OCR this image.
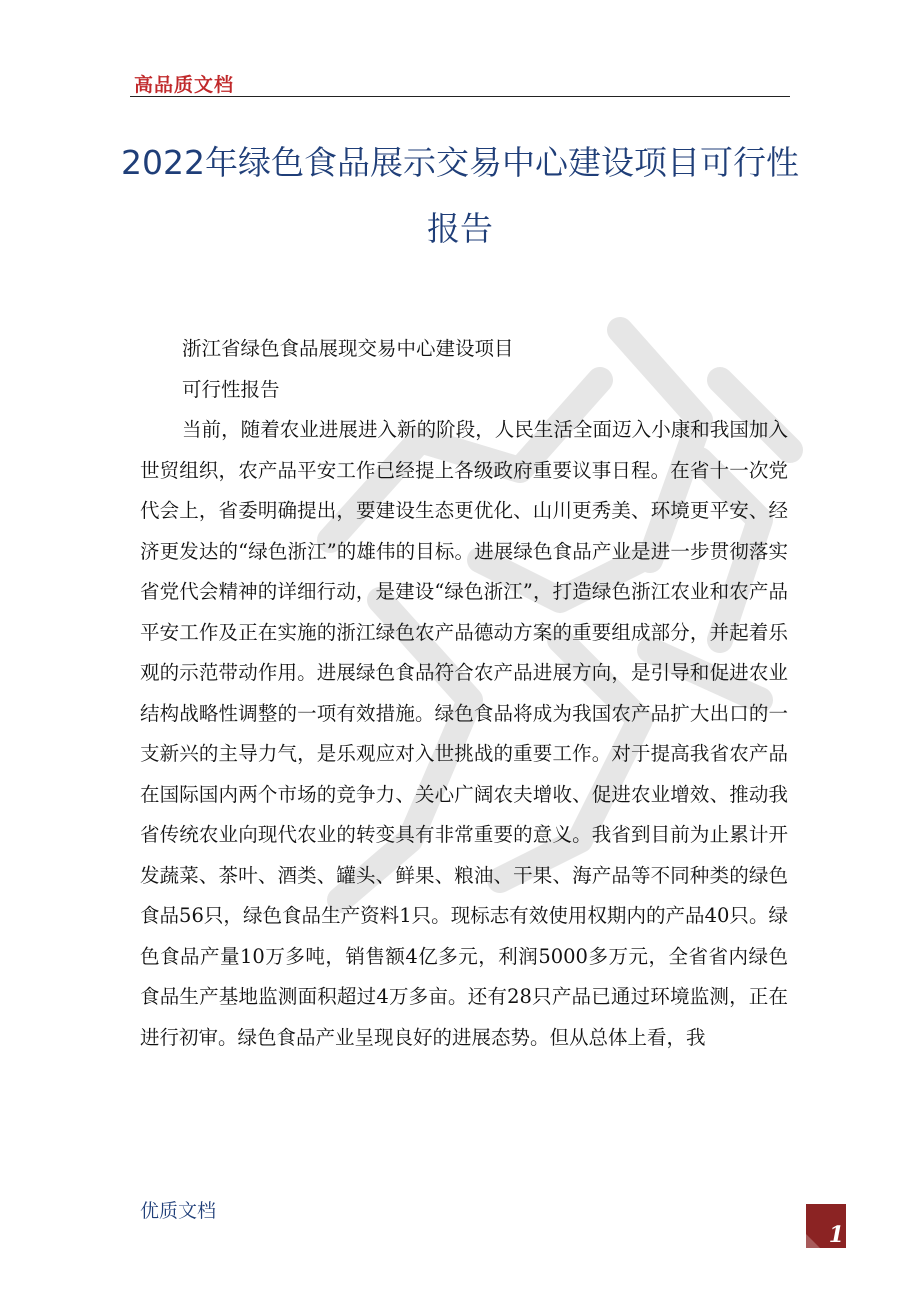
高品质文档
2022年绿色食品展示交易中心建设项目可行性报告

浙江省绿色食品展现交易中心建设项目

可行性报告

当前，随着农业进展进入新的阶段，人民生活全面迈入小康和我国加入世贸组织，农产品平安工作已经提上各级政府重要议事日程。在省十一次党代会上，省委明确提出，要建设生态更优化、山川更秀美、环境更平安、经济更发达的“绿色浙江”的雄伟的目标。进展绿色食品产业是进一步贯彻落实省党代会精神的详细行动，是建设“绿色浙江”，打造绿色浙江农业和农产品平安工作及正在实施的浙江绿色农产品德动方案的重要组成部分，并起着乐观的示范带动作用。进展绿色食品符合农产品进展方向，是引导和促进农业结构战略性调整的一项有效措施。绿色食品将成为我国农产品扩大出口的一支新兴的主导力气，是乐观应对入世挑战的重要工作。对于提高我省农产品在国际国内两个市场的竞争力、关心广阔农夫增收、促进农业增效、推动我省传统农业向现代农业的转变具有非常重要的意义。我省到目前为止累计开发蔬菜、茶叶、酒类、罐头、鲜果、粮油、干果、海产品等不同种类的绿色食品56只，绿色食品生产资料1只。现标志有效使用权期内的产品40只。绿色食品产量10万多吨，销售额4亿多元，利润5000多万元，全省省内绿色食品生产基地监测面积超过4万多亩。还有28只产品已通过环境监测，正在进行初审。绿色食品产业呈现良好的进展态势。但从总体上看，我

优质文档
1
